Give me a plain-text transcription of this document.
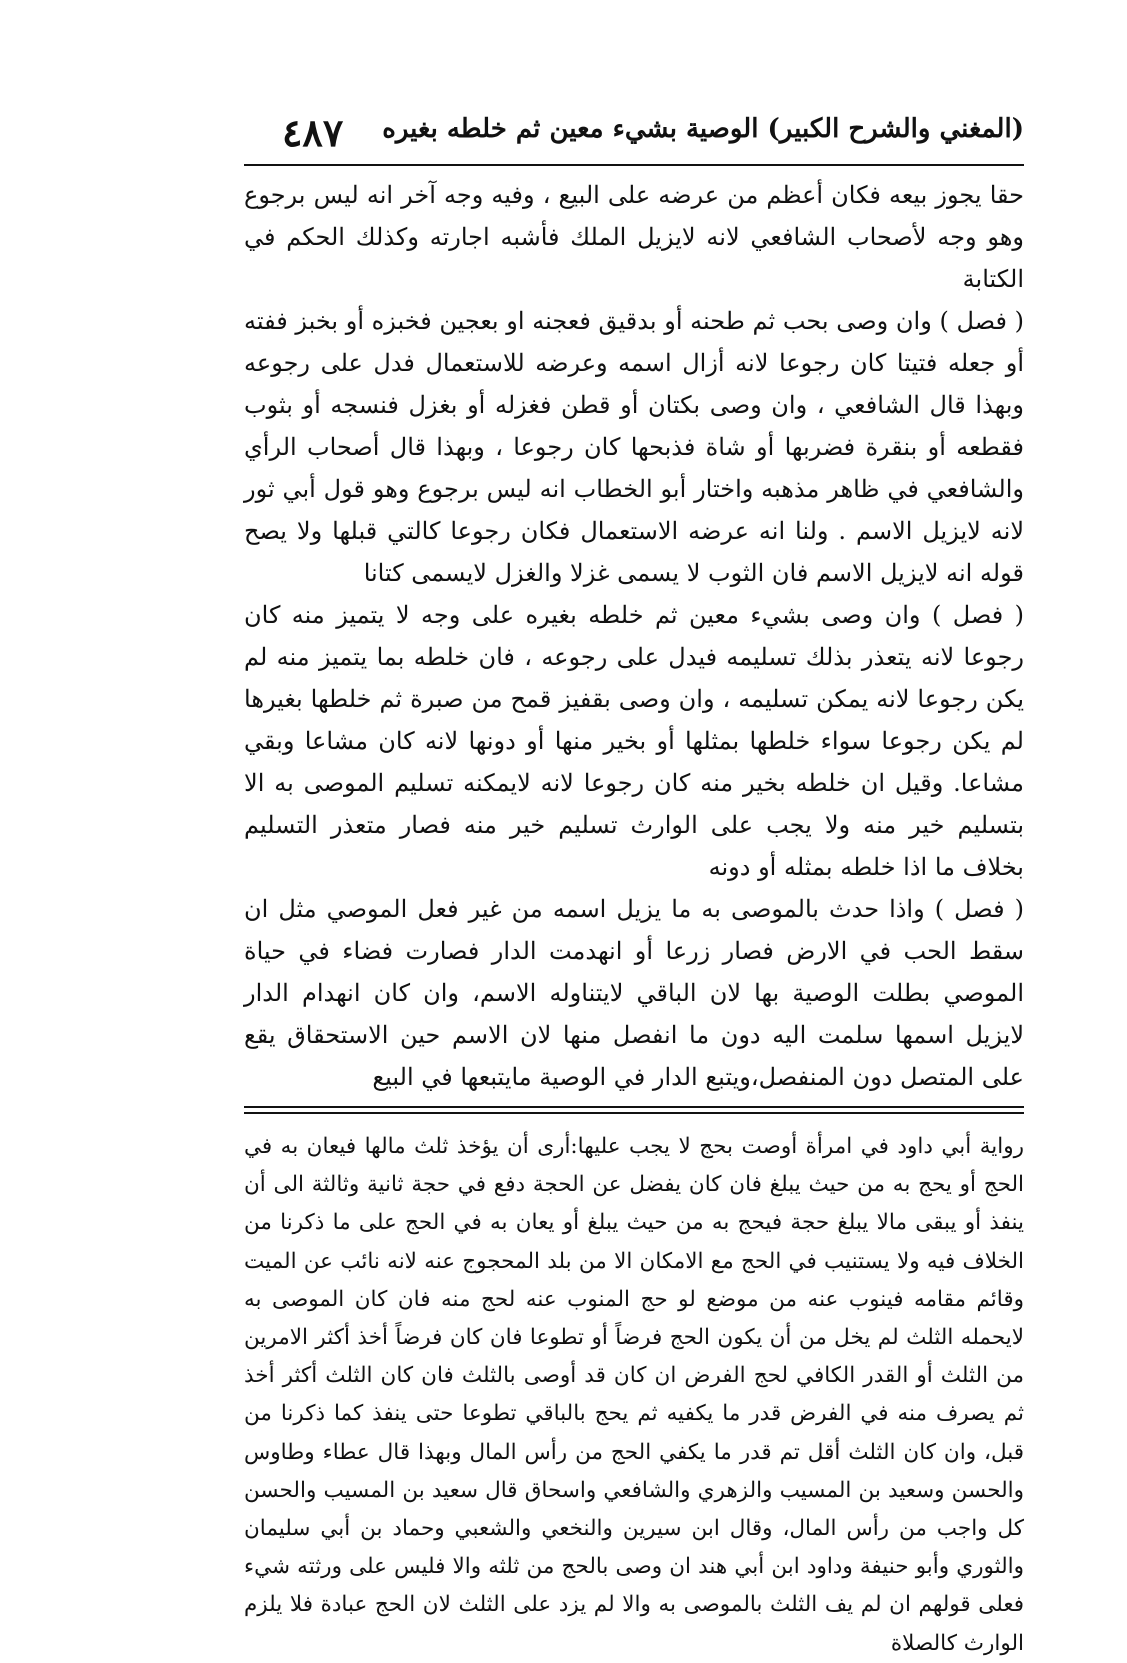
(المغني والشرح الكبير) الوصية بشيء معين ثم خلطه بغيره
٤٨٧

حقا يجوز بيعه فكان أعظم من عرضه على البيع ، وفيه وجه آخر انه ليس برجوع وهو وجه لأصحاب الشافعي لانه لايزيل الملك فأشبه اجارته وكذلك الحكم في الكتابة

( فصل ) وان وصى بحب ثم طحنه أو بدقيق فعجنه او بعجين فخبزه أو بخبز ففته أو جعله فتيتا كان رجوعا لانه أزال اسمه وعرضه للاستعمال فدل على رجوعه وبهذا قال الشافعي ، وان وصى بكتان أو قطن فغزله أو بغزل فنسجه أو بثوب فقطعه أو بنقرة فضربها أو شاة فذبحها كان رجوعا ، وبهذا قال أصحاب الرأي والشافعي في ظاهر مذهبه واختار أبو الخطاب انه ليس برجوع وهو قول أبي ثور لانه لايزيل الاسم . ولنا انه عرضه الاستعمال فكان رجوعا كالتي قبلها ولا يصح قوله انه لايزيل الاسم فان الثوب لا يسمى غزلا والغزل لايسمى كتانا

( فصل ) وان وصى بشيء معين ثم خلطه بغيره على وجه لا يتميز منه كان رجوعا لانه يتعذر بذلك تسليمه فيدل على رجوعه ، فان خلطه بما يتميز منه لم يكن رجوعا لانه يمكن تسليمه ، وان وصى بقفيز قمح من صبرة ثم خلطها بغيرها لم يكن رجوعا سواء خلطها بمثلها أو بخير منها أو دونها لانه كان مشاعا وبقي مشاعا. وقيل ان خلطه بخير منه كان رجوعا لانه لايمكنه تسليم الموصى به الا بتسليم خير منه ولا يجب على الوارث تسليم خير منه فصار متعذر التسليم بخلاف ما اذا خلطه بمثله أو دونه

( فصل ) واذا حدث بالموصى به ما يزيل اسمه من غير فعل الموصي مثل ان سقط الحب في الارض فصار زرعا أو انهدمت الدار فصارت فضاء في حياة الموصي بطلت الوصية بها لان الباقي لايتناوله الاسم، وان كان انهدام الدار لايزيل اسمها سلمت اليه دون ما انفصل منها لان الاسم حين الاستحقاق يقع على المتصل دون المنفصل،ويتبع الدار في الوصية مايتبعها في البيع

رواية أبي داود في امرأة أوصت بحج لا يجب عليها:أرى أن يؤخذ ثلث مالها فيعان به في الحج أو يحج به من حيث يبلغ فان كان يفضل عن الحجة دفع في حجة ثانية وثالثة الى أن ينفذ أو يبقى مالا يبلغ حجة فيحج به من حيث يبلغ أو يعان به في الحج على ما ذكرنا من الخلاف فيه ولا يستنيب في الحج مع الامكان الا من بلد المحجوج عنه لانه نائب عن الميت وقائم مقامه فينوب عنه من موضع لو حج المنوب عنه لحج منه فان كان الموصى به لايحمله الثلث لم يخل من أن يكون الحج فرضاً أو تطوعا فان كان فرضاً أخذ أكثر الامرين من الثلث أو القدر الكافي لحج الفرض ان كان قد أوصى بالثلث فان كان الثلث أكثر أخذ ثم يصرف منه في الفرض قدر ما يكفيه ثم يحج بالباقي تطوعا حتى ينفذ كما ذكرنا من قبل، وان كان الثلث أقل تم قدر ما يكفي الحج من رأس المال وبهذا قال عطاء وطاوس والحسن وسعيد بن المسيب والزهري والشافعي واسحاق قال سعيد بن المسيب والحسن كل واجب من رأس المال، وقال ابن سيرين والنخعي والشعبي وحماد بن أبي سليمان والثوري وأبو حنيفة وداود ابن أبي هند ان وصى بالحج من ثلثه والا فليس على ورثته شيء فعلى قولهم ان لم يف الثلث بالموصى به والا لم يزد على الثلث لان الحج عبادة فلا يلزم الوارث كالصلاة
